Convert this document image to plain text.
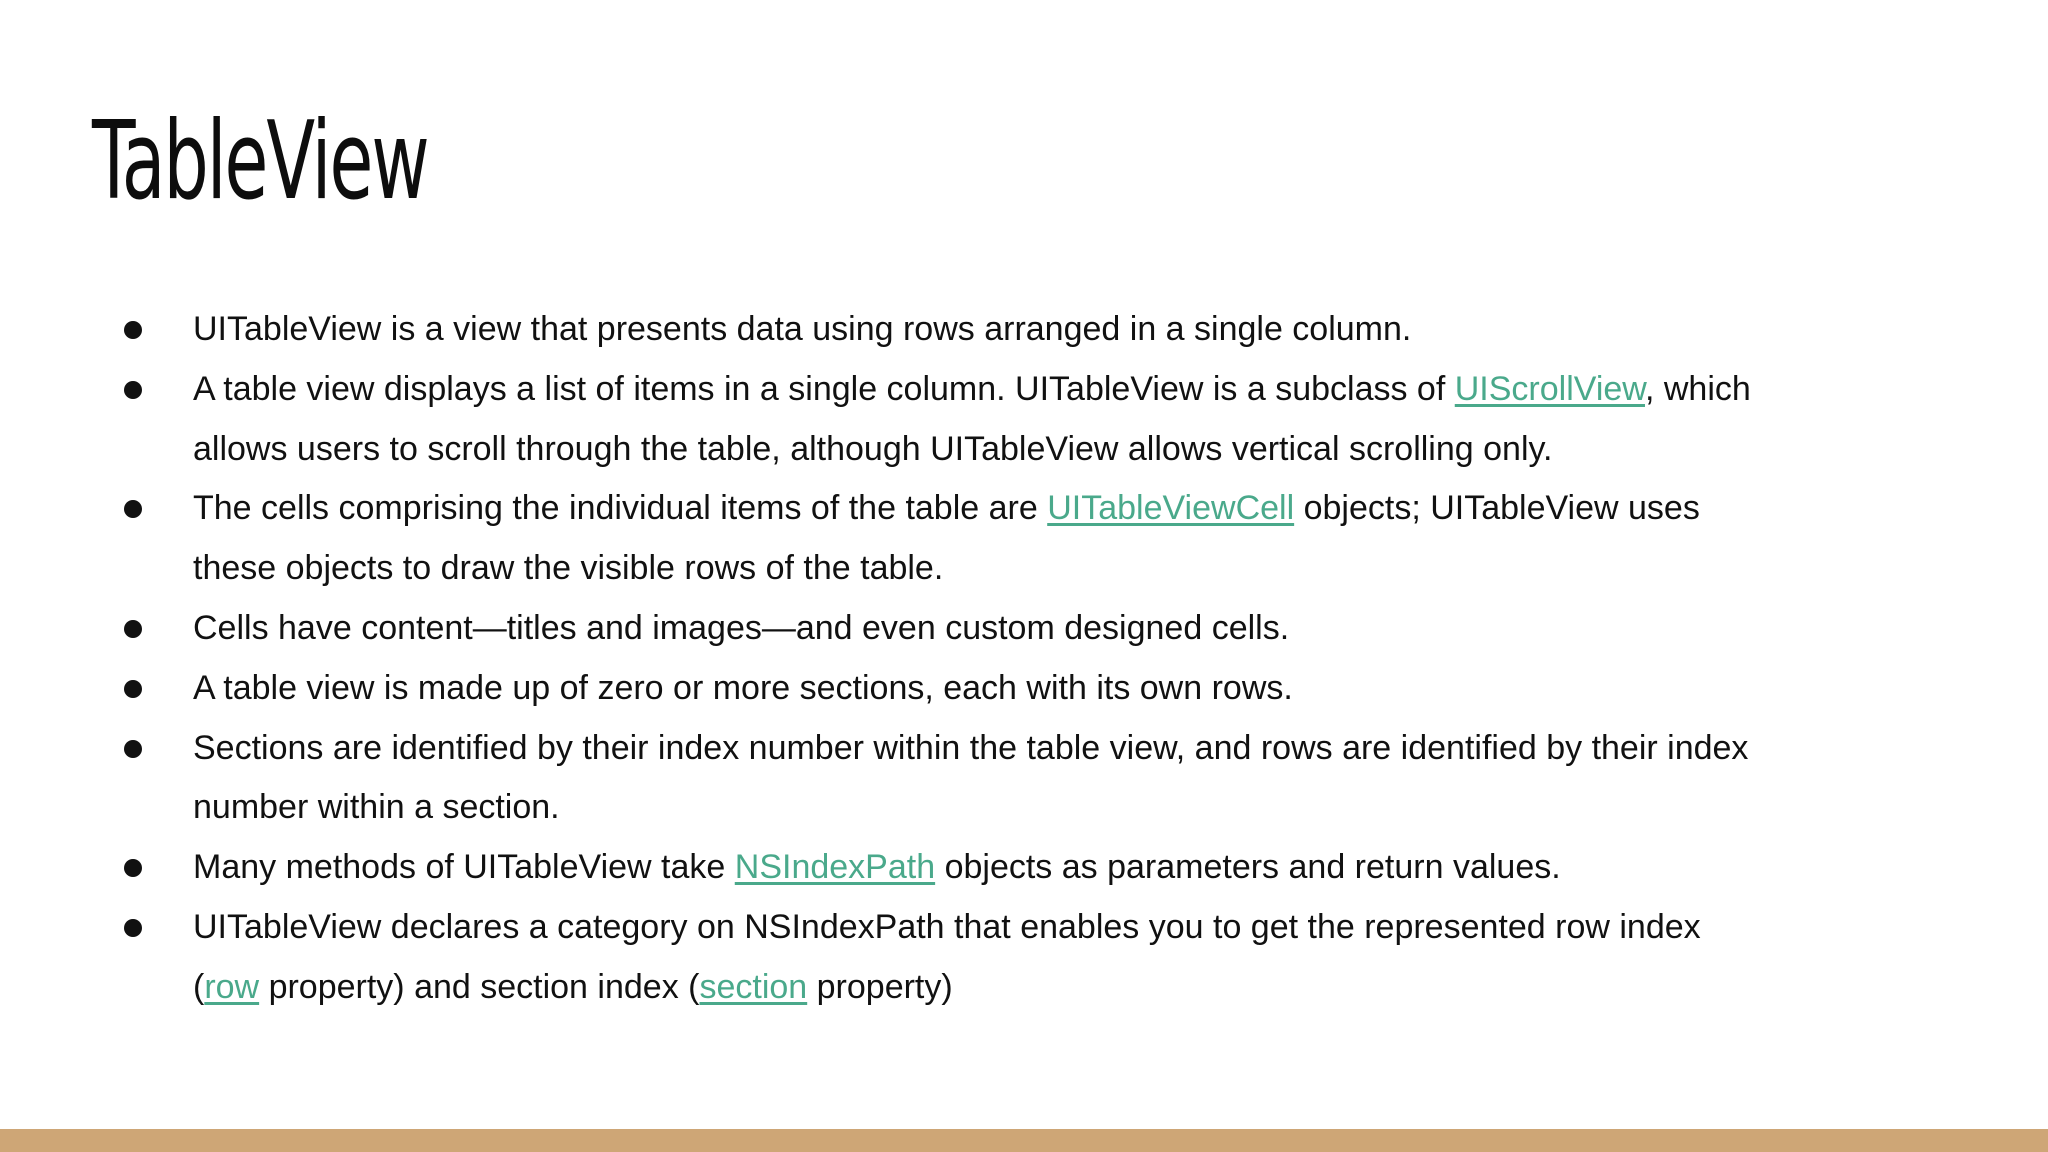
TableView
UITableView is a view that presents data using rows arranged in a single column.
A table view displays a list of items in a single column. UITableView is a subclass of UIScrollView, which allows users to scroll through the table, although UITableView allows vertical scrolling only.
The cells comprising the individual items of the table are UITableViewCell objects; UITableView uses these objects to draw the visible rows of the table.
Cells have content—titles and images—and even custom designed cells.
A table view is made up of zero or more sections, each with its own rows.
Sections are identified by their index number within the table view, and rows are identified by their index number within a section.
Many methods of UITableView take NSIndexPath objects as parameters and return values.
UITableView declares a category on NSIndexPath that enables you to get the represented row index (row property) and section index (section property)
